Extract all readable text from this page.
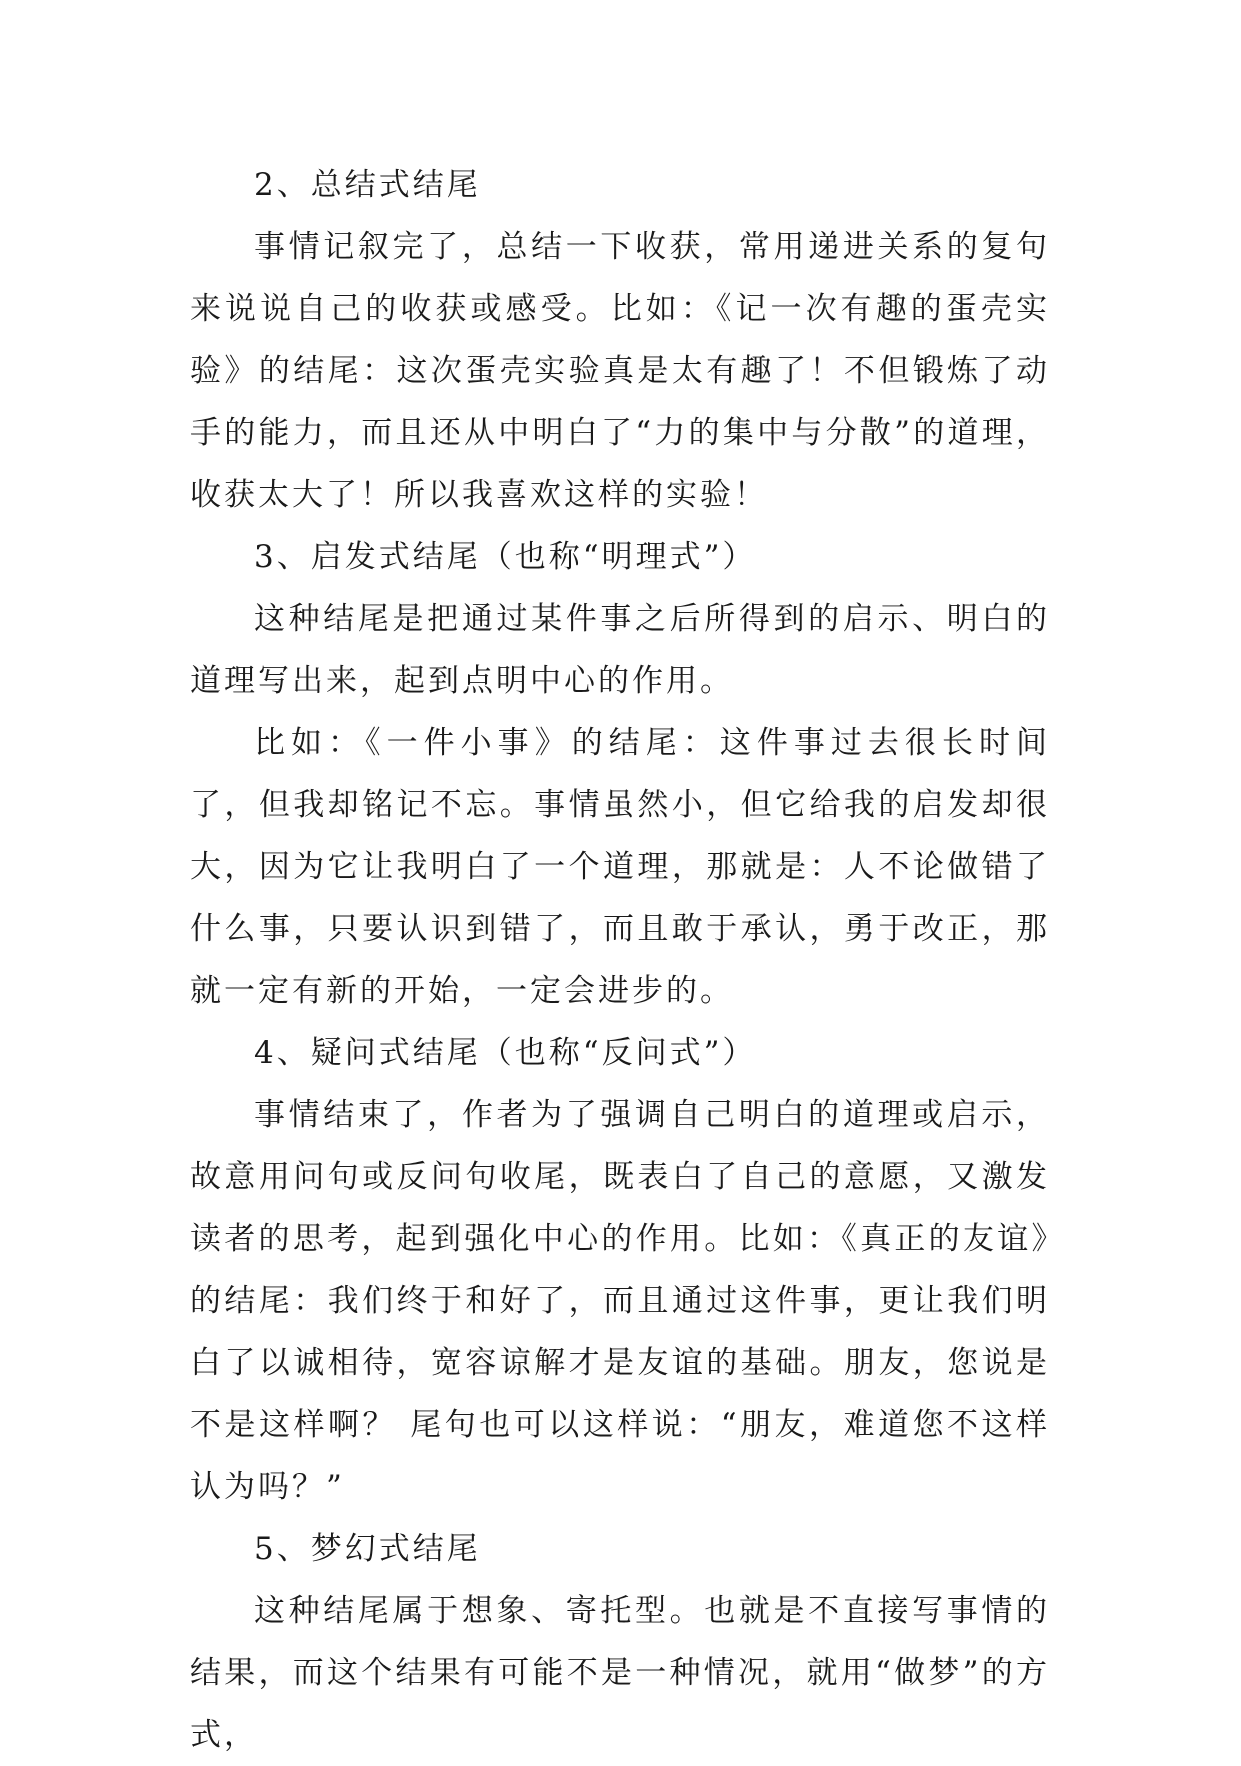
2、总结式结尾

事情记叙完了，总结一下收获，常用递进关系的复句来说说自己的收获或感受。比如：《记一次有趣的蛋壳实验》的结尾：这次蛋壳实验真是太有趣了！不但锻炼了动手的能力，而且还从中明白了“力的集中与分散”的道理，收获太大了！所以我喜欢这样的实验！

3、启发式结尾（也称“明理式”）

这种结尾是把通过某件事之后所得到的启示、明白的道理写出来，起到点明中心的作用。

比如：《一件小事》的结尾：这件事过去很长时间了，但我却铭记不忘。事情虽然小，但它给我的启发却很大，因为它让我明白了一个道理，那就是：人不论做错了什么事，只要认识到错了，而且敢于承认，勇于改正，那就一定有新的开始，一定会进步的。

4、疑问式结尾（也称“反问式”）

事情结束了，作者为了强调自己明白的道理或启示，故意用问句或反问句收尾，既表白了自己的意愿，又激发读者的思考，起到强化中心的作用。比如：《真正的友谊》的结尾：我们终于和好了，而且通过这件事，更让我们明白了以诚相待，宽容谅解才是友谊的基础。朋友，您说是不是这样啊？ 尾句也可以这样说：“朋友，难道您不这样认为吗？”

5、梦幻式结尾

这种结尾属于想象、寄托型。也就是不直接写事情的结果，而这个结果有可能不是一种情况，就用“做梦”的方式，
